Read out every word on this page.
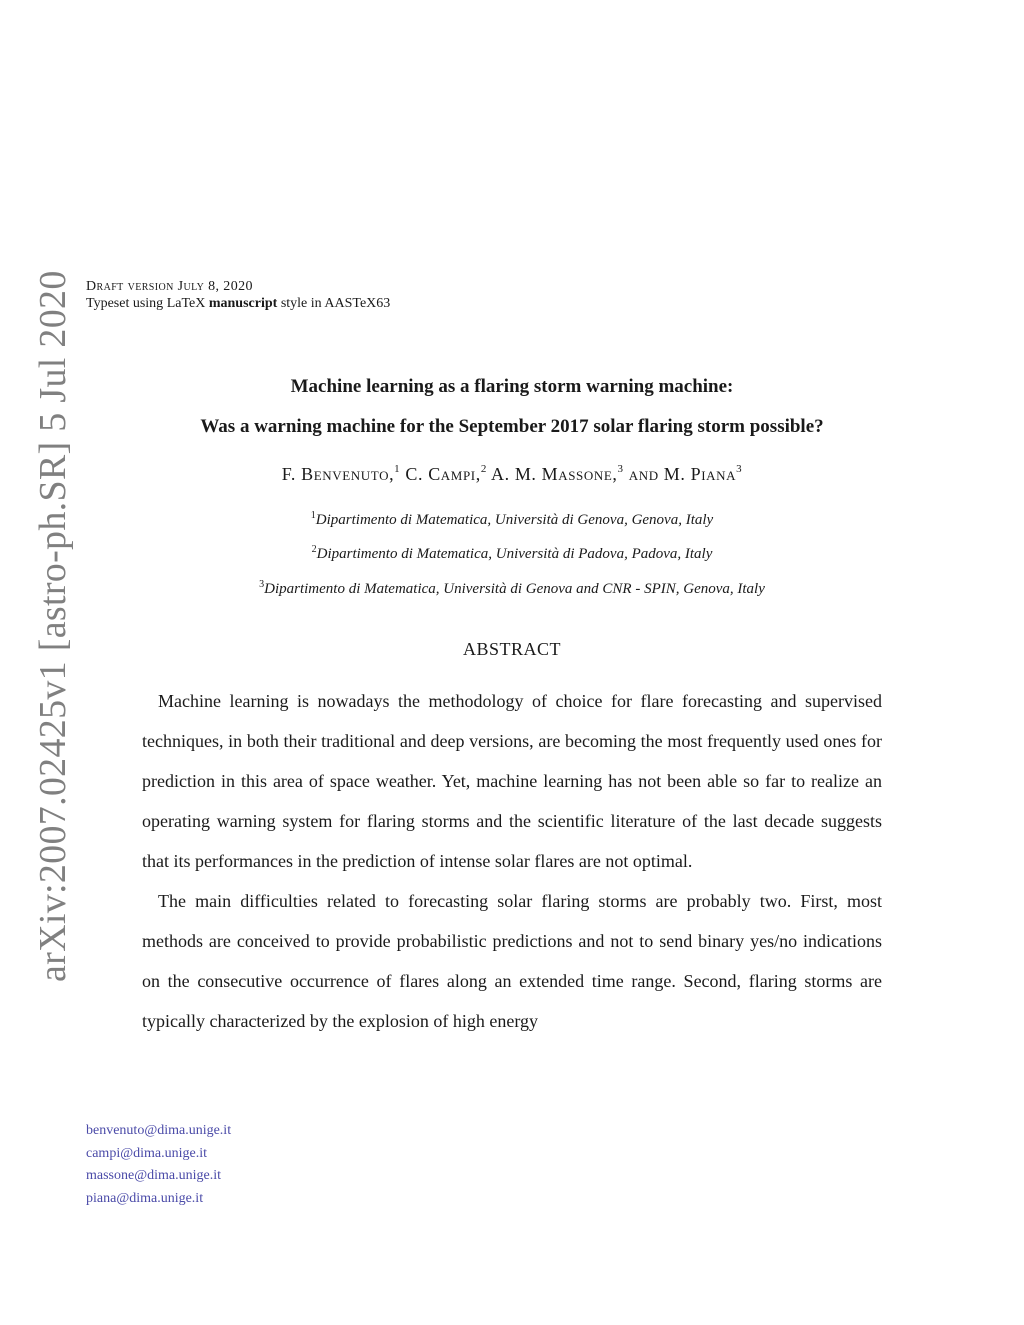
arXiv:2007.02425v1 [astro-ph.SR] 5 Jul 2020 Draft version July 8, 2020
Typeset using LaTeX manuscript style in AASTeX63
Machine learning as a flaring storm warning machine:
Was a warning machine for the September 2017 solar flaring storm possible?
F. Benvenuto,$^1$ C. Campi,$^2$ A. M. Massone,$^3$ and M. Piana$^3$
$^1$Dipartimento di Matematica, Università di Genova, Genova, Italy
$^2$Dipartimento di Matematica, Università di Padova, Padova, Italy
$^3$Dipartimento di Matematica, Università di Genova and CNR - SPIN, Genova, Italy
ABSTRACT

Machine learning is nowadays the methodology of choice for flare forecasting and supervised techniques, in both their traditional and deep versions, are becoming the most frequently used ones for prediction in this area of space weather. Yet, machine learning has not been able so far to realize an operating warning system for flaring storms and the scientific literature of the last decade suggests that its performances in the prediction of intense solar flares are not optimal.

The main difficulties related to forecasting solar flaring storms are probably two. First, most methods are conceived to provide probabilistic predictions and not to send binary yes/no indications on the consecutive occurrence of flares along an extended time range. Second, flaring storms are typically characterized by the explosion of high energy

benvenuto@dima.unige.it
campi@dima.unige.it
massone@dima.unige.it
piana@dima.unige.it
